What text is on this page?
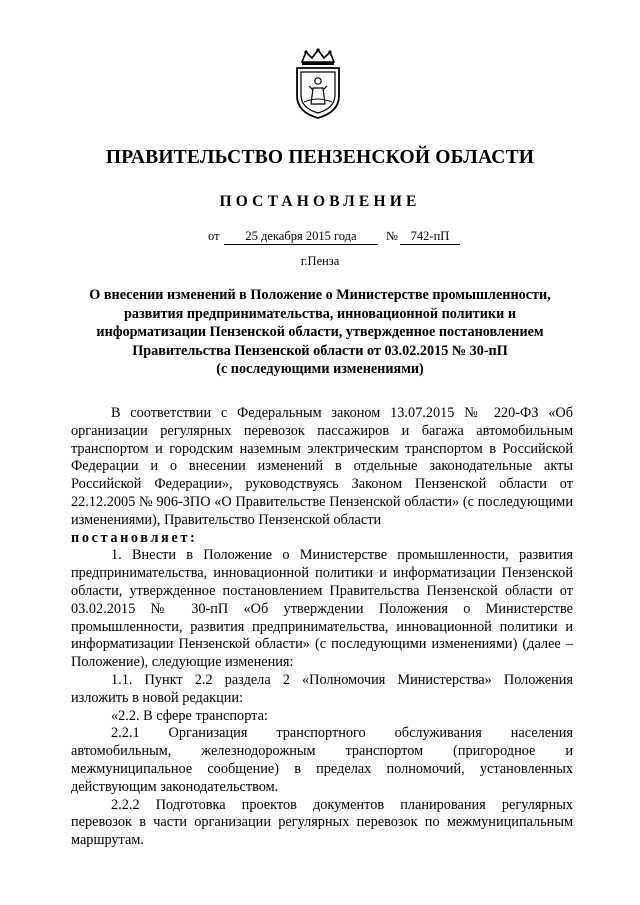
ПРАВИТЕЛЬСТВО ПЕНЗЕНСКОЙ ОБЛАСТИ
ПОСТАНОВЛЕНИЕ
от	25 декабря 2015 года	№	742-пП
г.Пенза
О внесении изменений в Положение о Министерстве промышленности,
развития предпринимательства, инновационной политики и
информатизации Пензенской области, утвержденное постановлением
Правительства Пензенской области от 03.02.2015 № 30-пП
(с последующими изменениями)

В соответствии с Федеральным законом 13.07.2015 № 220-ФЗ «Об организации регулярных перевозок пассажиров и багажа автомобильным транспортом и городским наземным электрическим транспортом в Российской Федерации и о внесении изменений в отдельные законодательные акты Российской Федерации», руководствуясь Законом Пензенской области от 22.12.2005 № 906-ЗПО «О Правительстве Пензенской области» (с последующими изменениями), Правительство Пензенской области

постановляет:

1. Внести в Положение о Министерстве промышленности, развития предпринимательства, инновационной политики и информатизации Пензенской области, утвержденное постановлением Правительства Пензенской области от 03.02.2015 № 30-пП «Об утверждении Положения о Министерстве промышленности, развития предпринимательства, инновационной политики и информатизации Пензенской области» (с последующими изменениями) (далее – Положение), следующие изменения:

1.1. Пункт 2.2 раздела 2 «Полномочия Министерства» Положения изложить в новой редакции:

«2.2. В сфере транспорта:

2.2.1 Организация транспортного обслуживания населения автомобильным, железнодорожным транспортом (пригородное и межмуниципальное сообщение) в пределах полномочий, установленных действующим законодательством.

2.2.2 Подготовка проектов документов планирования регулярных перевозок в части организации регулярных перевозок по межмуниципальным маршрутам.
